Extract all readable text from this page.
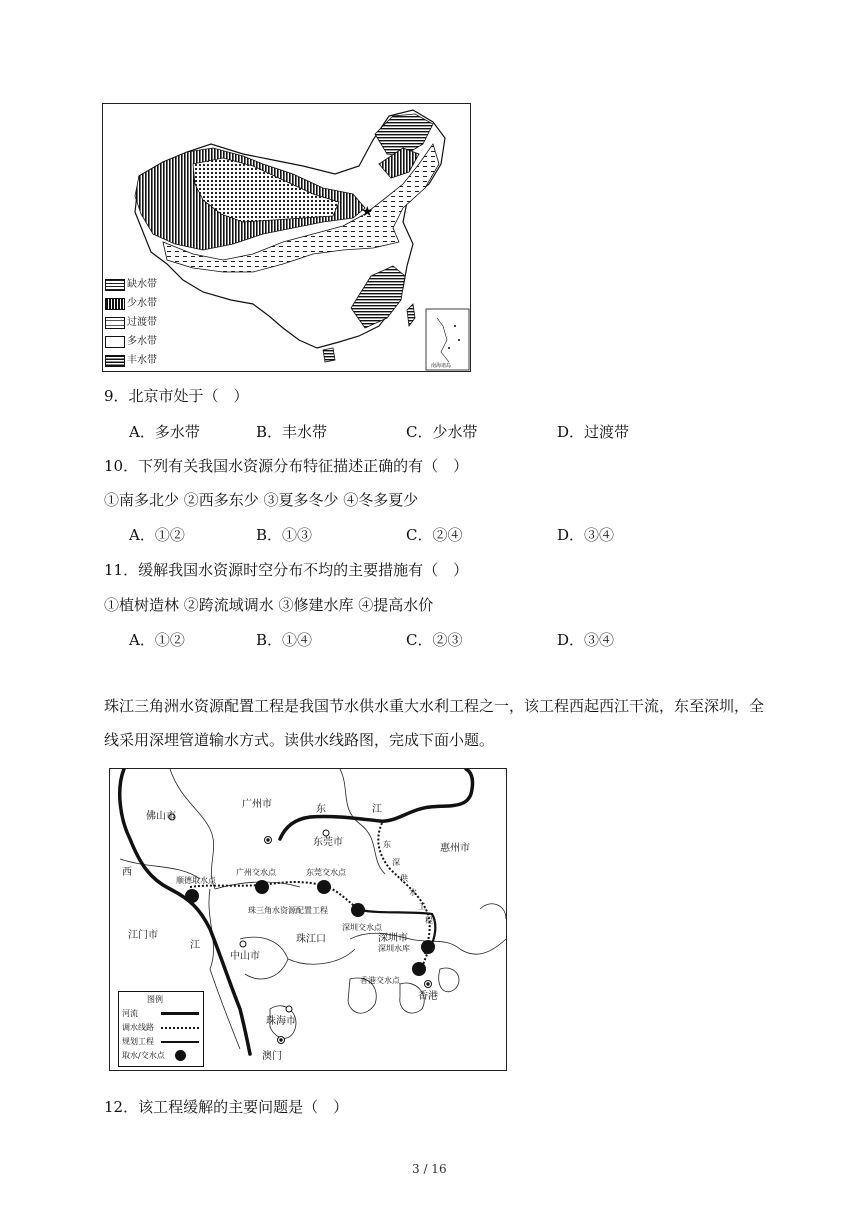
★
缺水带
少水带
过渡带
多水带
丰水带	南海诸岛
9．北京市处于（　）
A．多水带	B．丰水带	C．少水带	D．过渡带
10．下列有关我国水资源分布特征描述正确的有（　）
①南多北少 ②西多东少 ③夏多冬少 ④冬多夏少
A．①②	B．①③	C．②④	D．③④
11．缓解我国水资源时空分布不均的主要措施有（　）
①植树造林 ②跨流域调水 ③修建水库 ④提高水价
A．①②	B．①④	C．②③	D．③④
珠江三角洲水资源配置工程是我国节水供水重大水利工程之一，该工程西起西江干流，东至深圳，全线采用深埋管道输水方式。读供水线路图，完成下面小题。
佛山市
广州市	东	江
东莞市
惠州市
西
江
江门市
中山市
珠江口
珠海市
澳门
深圳市
香港
顺德取水点
广州交水点	东莞交水点
珠三角水资源配置工程
深圳交水点
深圳水库
香港交水点
东
深
供
水
工
程
图例
河流
调水线路
规划工程
取水/交水点
12．该工程缓解的主要问题是（　）
3 / 16
